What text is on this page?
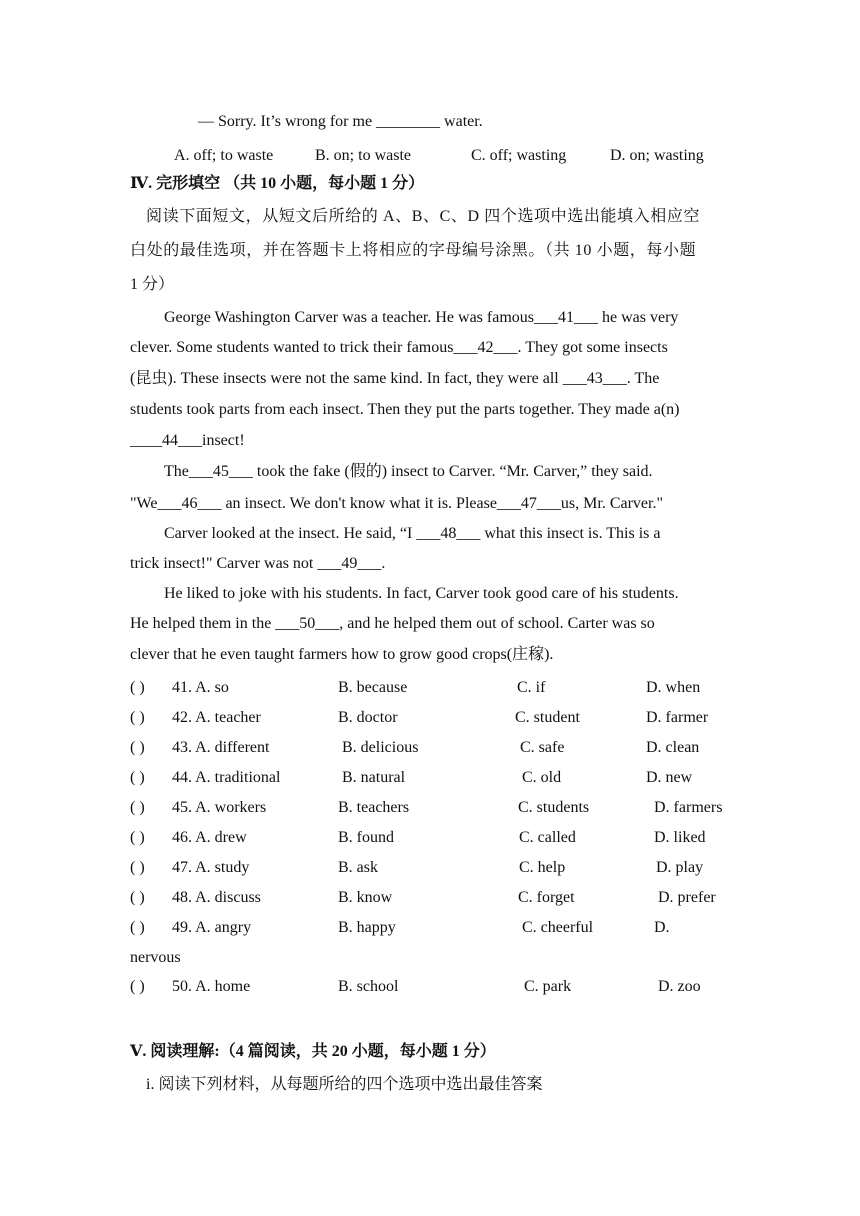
— Sorry. It’s wrong for me ________ water.
A. off; to waste	B. on; to waste	C. off; wasting	D. on; wasting
Ⅳ. 完形填空 （共 10 小题，每小题 1 分）
阅读下面短文，从短文后所给的 A、B、C、D 四个选项中选出能填入相应空
白处的最佳选项，并在答题卡上将相应的字母编号涂黑。（共 10 小题，每小题
1 分）
George Washington Carver was a teacher. He was famous___41___ he was very
clever. Some students wanted to trick their famous___42___. They got some insects
(昆虫). These insects were not the same kind. In fact, they were all ___43___. The
students took parts from each insect. Then they put the parts together. They made a(n)
____44___insect!
The___45___ took the fake (假的) insect to Carver. “Mr. Carver,” they said.
"We___46___ an insect. We don't know what it is. Please___47___us, Mr. Carver."
Carver looked at the insect. He said, “I ___48___ what this insect is. This is a
trick insect!" Carver was not ___49___.
He liked to joke with his students. In fact, Carver took good care of his students.
He helped them in the ___50___, and he helped them out of school. Carter was so
clever that he even taught farmers how to grow good crops(庄稼).
( ) 41. A. so	B. because	C. if	D. when
( ) 42. A. teacher	B. doctor	C. student	D. farmer
( ) 43. A. different	B. delicious	C. safe	D. clean
( ) 44. A. traditional	B. natural	C. old	D. new
( ) 45. A. workers	B. teachers	C. students	D. farmers
( ) 46. A. drew	B. found	C. called	D. liked
( ) 47. A. study	B. ask	C. help	D. play
( ) 48. A. discuss	B. know	C. forget	D. prefer
( ) 49. A. angry	B. happy	C. cheerful	D.
nervous
( ) 50. A. home	B. school	C. park	D. zoo
Ⅴ. 阅读理解:（4 篇阅读，共 20 小题，每小题 1 分）
i. 阅读下列材料，从每题所给的四个选项中选出最佳答案
